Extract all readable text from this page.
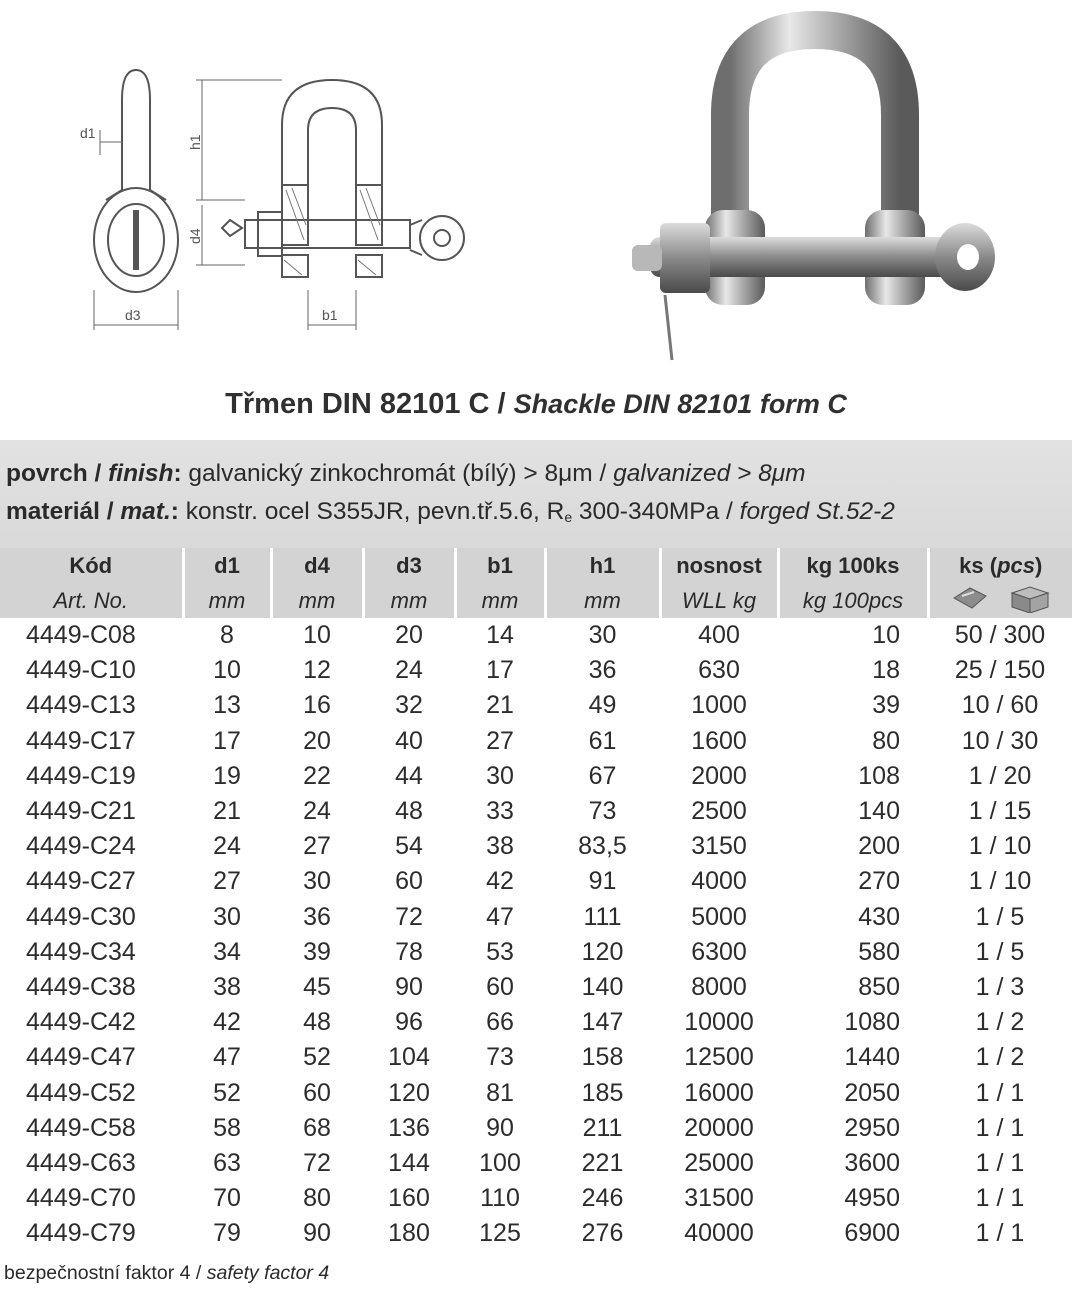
d1
h1
d4
d3	b1
Třmen DIN 82101 C / Shackle DIN 82101 form C
povrch / finish: galvanický zinkochromát (bílý) > 8μm / galvanized > 8μm
materiál / mat.: konstr. ocel S355JR, pevn.tř.5.6, $R_e$ 300-340MPa / forged St.52-2
Kód	d1	d4	d3	b1	h1	nosnost	kg 100ks	ks (pcs)
Art. No.	mm	mm	mm	mm	mm	WLL kg	kg 100pcs	

4449-C08	8	10	20	14	30	400	10	50 / 300
4449-C10	10	12	24	17	36	630	18	25 / 150
4449-C13	13	16	32	21	49	1000	39	10 / 60
4449-C17	17	20	40	27	61	1600	80	10 / 30
4449-C19	19	22	44	30	67	2000	108	1 / 20
4449-C21	21	24	48	33	73	2500	140	1 / 15
4449-C24	24	27	54	38	83,5	3150	200	1 / 10
4449-C27	27	30	60	42	91	4000	270	1 / 10
4449-C30	30	36	72	47	111	5000	430	1 / 5
4449-C34	34	39	78	53	120	6300	580	1 / 5
4449-C38	38	45	90	60	140	8000	850	1 / 3
4449-C42	42	48	96	66	147	10000	1080	1 / 2
4449-C47	47	52	104	73	158	12500	1440	1 / 2
4449-C52	52	60	120	81	185	16000	2050	1 / 1
4449-C58	58	68	136	90	211	20000	2950	1 / 1
4449-C63	63	72	144	100	221	25000	3600	1 / 1
4449-C70	70	80	160	110	246	31500	4950	1 / 1
4449-C79	79	90	180	125	276	40000	6900	1 / 1
bezpečnostní faktor 4 / safety factor 4
